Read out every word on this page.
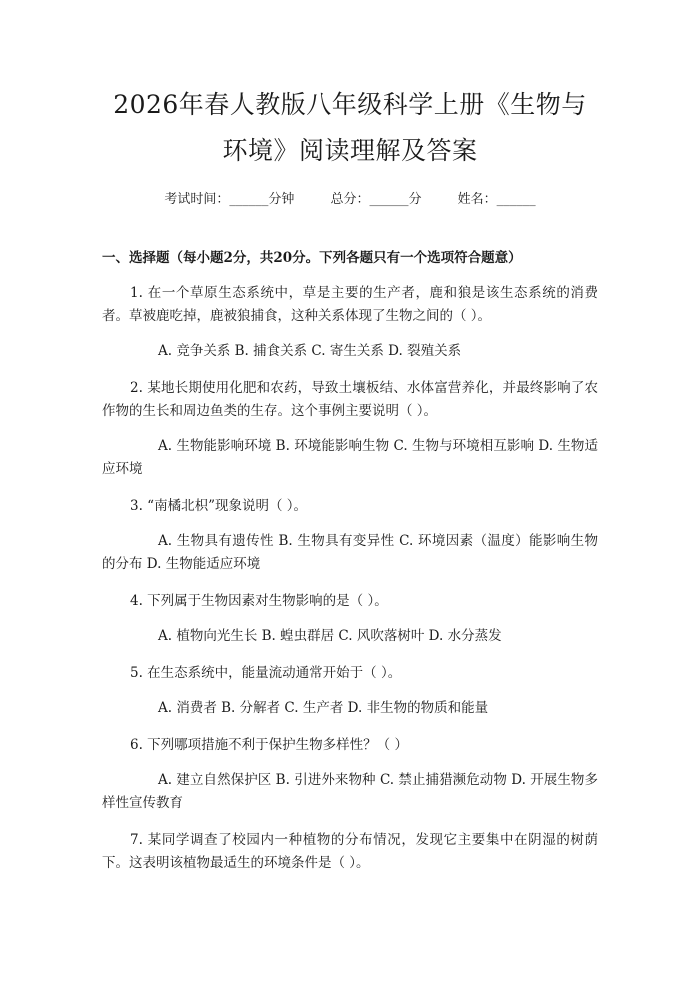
2026年春人教版八年级科学上册《生物与环境》阅读理解及答案
考试时间：______分钟	总分：______分	姓名：______
一、选择题（每小题2分，共20分。下列各题只有一个选项符合题意）
1. 在一个草原生态系统中，草是主要的生产者，鹿和狼是该生态系统的消费者。草被鹿吃掉，鹿被狼捕食，这种关系体现了生物之间的（ ）。
A. 竞争关系 B. 捕食关系 C. 寄生关系 D. 裂殖关系
2. 某地长期使用化肥和农药，导致土壤板结、水体富营养化，并最终影响了农作物的生长和周边鱼类的生存。这个事例主要说明（ ）。
A. 生物能影响环境 B. 环境能影响生物 C. 生物与环境相互影响 D. 生物适应环境
3. “南橘北枳”现象说明（ ）。
A. 生物具有遗传性 B. 生物具有变异性 C. 环境因素（温度）能影响生物的分布 D. 生物能适应环境
4. 下列属于生物因素对生物影响的是（ ）。
A. 植物向光生长 B. 蝗虫群居 C. 风吹落树叶 D. 水分蒸发
5. 在生态系统中，能量流动通常开始于（ ）。
A. 消费者 B. 分解者 C. 生产者 D. 非生物的物质和能量
6. 下列哪项措施不利于保护生物多样性？（ ）
A. 建立自然保护区 B. 引进外来物种 C. 禁止捕猎濒危动物 D. 开展生物多样性宣传教育
7. 某同学调查了校园内一种植物的分布情况，发现它主要集中在阴湿的树荫下。这表明该植物最适生的环境条件是（ ）。
